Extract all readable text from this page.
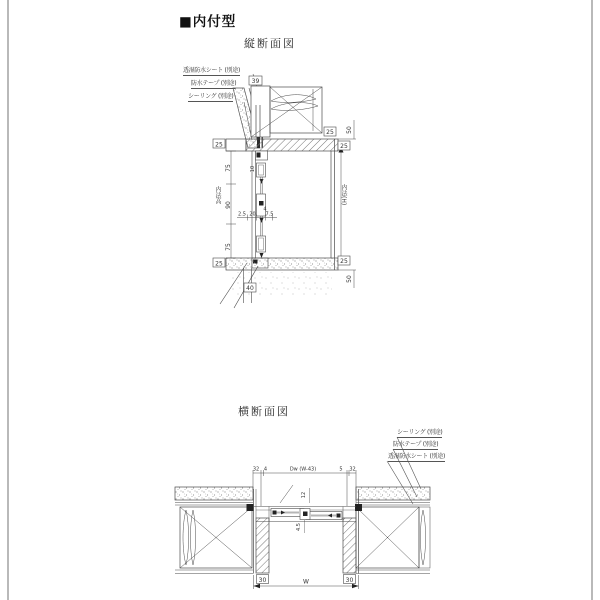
■内付型
縦断面図
横断面図
透湿防水シート (別途)
防水テープ (別途)
シーリング (別途)
内法高	内法(H)
シーリング (別途)
防水テープ (別途)
透湿防水シート (別途)
39
40
75
90
75
25
25
25
25
25
50
50
10
2.5 20
4
7.5
32 4	Dw (W-43)	5 32
12
4.5
30	30
W
